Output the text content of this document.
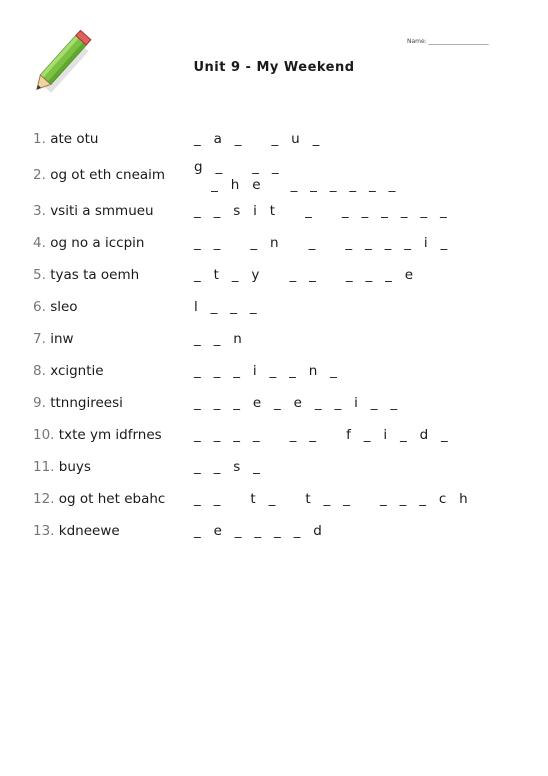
Name: ____________________
Unit 9 - My Weekend
1. ate otu	_   a   _       _   u   _
2. og ot eth cneaim g   _       _   _
_   h   e       _   _   _   _   _   _
3. vsiti a smmueu	_   _   s   i   t       _       _   _   _   _   _   _
4. og no a iccpin	_   _       _   n       _       _   _   _   _   i   _
5. tyas ta oemh	_   t   _   y       _   _       _   _   _   e
6. sleo	l   _   _   _
7. inw	_   _   n
8. xcigntie	_   _   _   i   _   _   n   _
9. ttnngireesi	_   _   _   e   _   e   _   _   i   _   _
10. txte ym idfrnes _   _   _   _       _   _       f   _   i   _   d   _
11. buys	_   _   s   _
12. og ot het ebahc _   _       t   _       t   _   _       _   _   _   c   h
13. kdneewe	_   e   _   _   _   _   d
